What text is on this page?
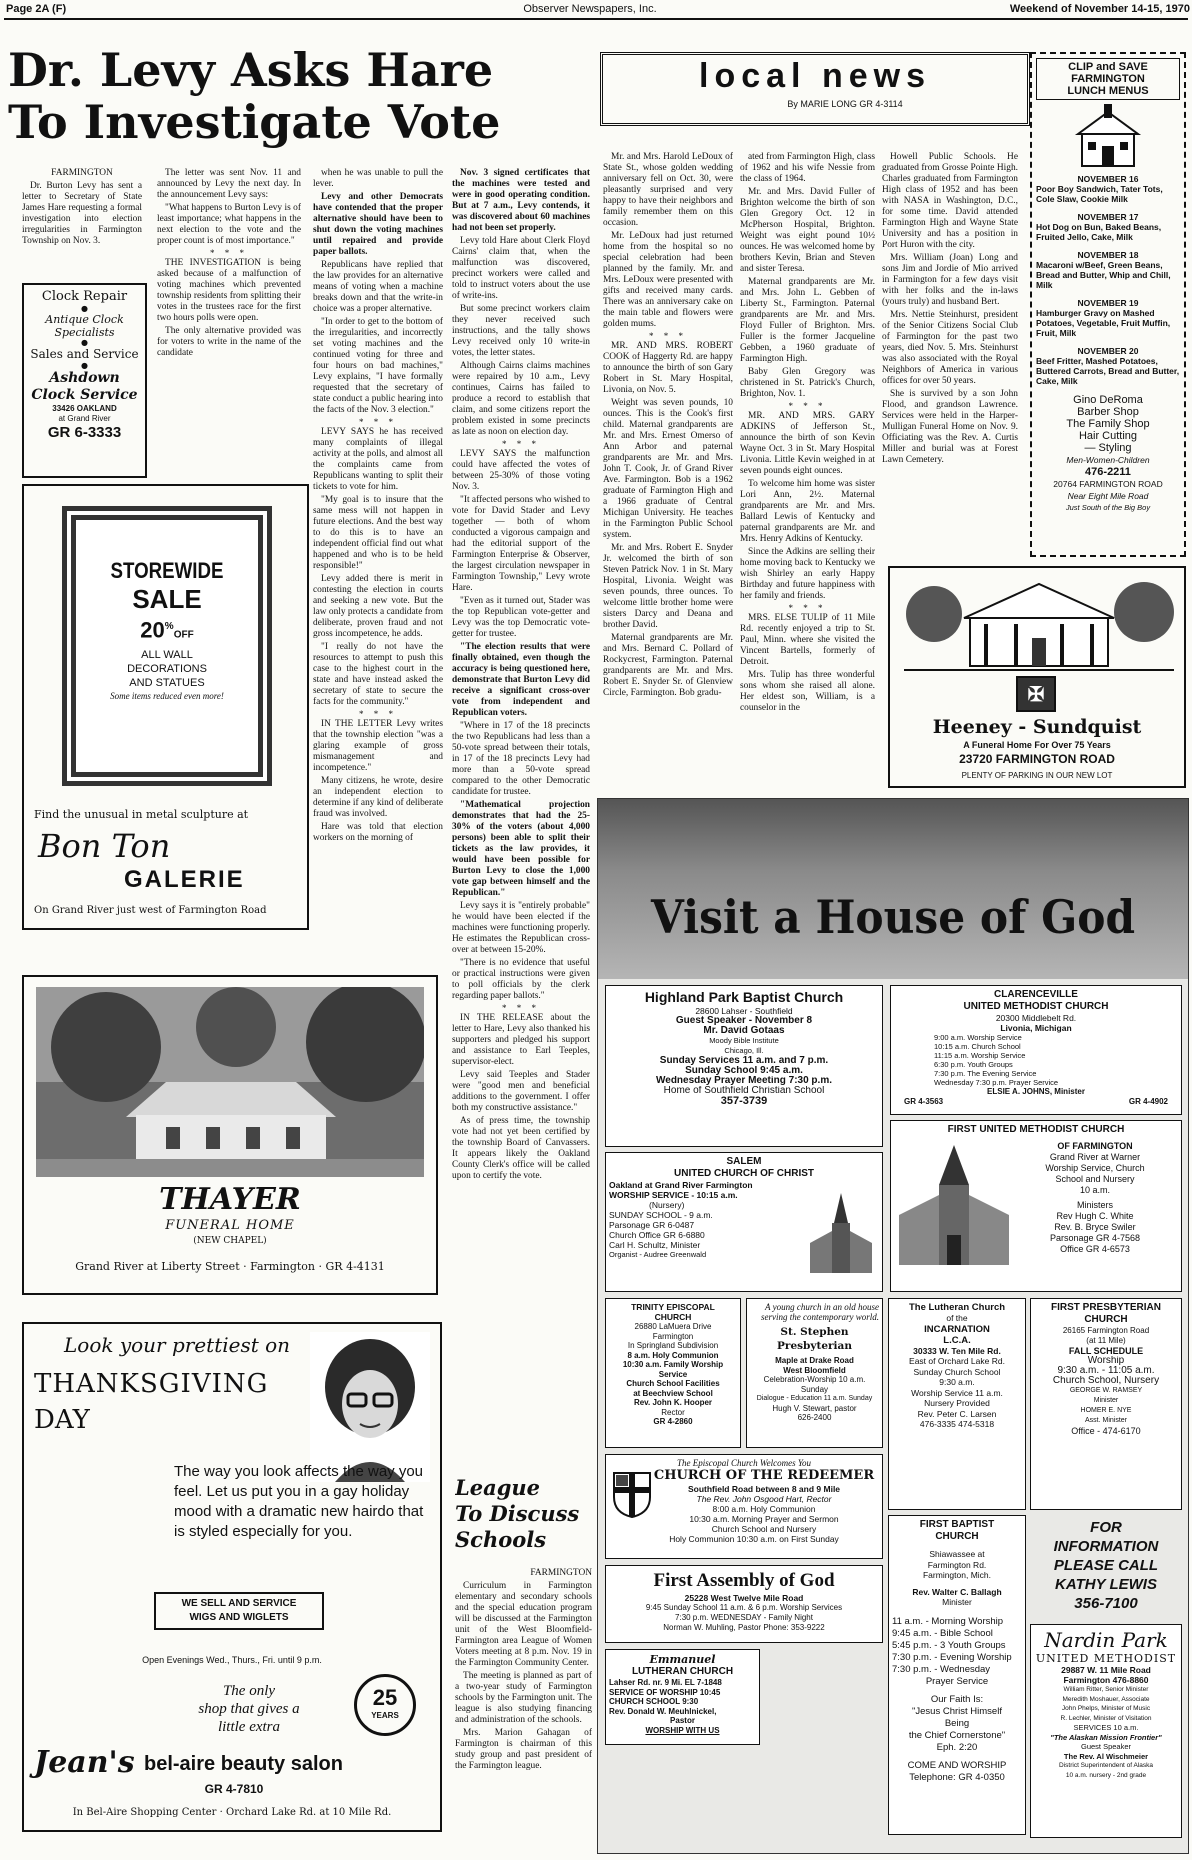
Page 2A (F)	Observer Newspapers, Inc.	Weekend of November 14-15, 1970
Dr. Levy Asks Hare
To Investigate Vote

FARMINGTON

Dr. Burton Levy has sent a letter to Secretary of State James Hare requesting a formal investigation into election irregularities in Farmington Township on Nov. 3.

The letter was sent Nov. 11 and announced by Levy the next day. In the announcement Levy says:

"What happens to Burton Levy is of least importance; what happens in the next election to the vote and the proper count is of most importance."

* * *

THE INVESTIGATION is being asked because of a malfunction of voting machines which prevented township residents from splitting their votes in the trustees race for the first two hours polls were open.

The only alternative provided was for voters to write in the name of the candidate

when he was unable to pull the lever.

Levy and other Democrats have contended that the proper alternative should have been to shut down the voting machines until repaired and provide paper ballots.

Republicans have replied that the law provides for an alternative means of voting when a machine breaks down and that the write-in choice was a proper alternative.

"In order to get to the bottom of the irregularities, and incorrectly set voting machines and the continued voting for three and four hours on bad machines," Levy explains, "I have formally requested that the secretary of state conduct a public hearing into the facts of the Nov. 3 election."

* * *

LEVY SAYS he has received many complaints of illegal activity at the polls, and almost all the complaints came from Republicans wanting to split their tickets to vote for him.

"My goal is to insure that the same mess will not happen in future elections. And the best way to do this is to have an independent official find out what happened and who is to be held responsible!"

Levy added there is merit in contesting the election in courts and seeking a new vote. But the law only protects a candidate from deliberate, proven fraud and not gross incompetence, he adds.

"I really do not have the resources to attempt to push this case to the highest court in the state and have instead asked the secretary of state to secure the facts for the community."

* * *

IN THE LETTER Levy writes that the township election "was a glaring example of gross mismanagement and incompetence."

Many citizens, he wrote, desire an independent election to determine if any kind of deliberate fraud was involved.

Hare was told that election workers on the morning of

Nov. 3 signed certificates that the machines were tested and were in good operating condition. But at 7 a.m., Levy contends, it was discovered about 60 machines had not been set properly.

Levy told Hare about Clerk Floyd Cairns' claim that, when the malfunction was discovered, precinct workers were called and told to instruct voters about the use of write-ins.

But some precinct workers claim they never received such instructions, and the tally shows Levy received only 10 write-in votes, the letter states.

Although Cairns claims machines were repaired by 10 a.m., Levy continues, Cairns has failed to produce a record to establish that claim, and some citizens report the problem existed in some precincts as late as noon on election day.

* * *

LEVY SAYS the malfunction could have affected the votes of between 25-30% of those voting Nov. 3.

"It affected persons who wished to vote for David Stader and Levy together — both of whom conducted a vigorous campaign and had the editorial support of the Farmington Enterprise & Observer, the largest circulation newspaper in Farmington Township," Levy wrote Hare.

"Even as it turned out, Stader was the top Republican vote-getter and Levy was the top Democratic vote-getter for trustee.

"The election results that were finally obtained, even though the accuracy is being questioned here, demonstrate that Burton Levy did receive a significant cross-over vote from independent and Republican voters.

"Where in 17 of the 18 precincts the two Republicans had less than a 50-vote spread between their totals, in 17 of the 18 precincts Levy had more than a 50-vote spread compared to the other Democratic candidate for trustee.

"Mathematical projection demonstrates that had the 25-30% of the voters (about 4,000 persons) been able to split their tickets as the law provides, it would have been possible for Burton Levy to close the 1,000 vote gap between himself and the Republican."

Levy says it is "entirely probable" he would have been elected if the machines were functioning properly. He estimates the Republican cross-over at between 15-20%.

"There is no evidence that useful or practical instructions were given to poll officials by the clerk regarding paper ballots."

* * *

IN THE RELEASE about the letter to Hare, Levy also thanked his supporters and pledged his support and assistance to Earl Teeples, supervisor-elect.

Levy said Teeples and Stader were "good men and beneficial additions to the government. I offer both my constructive assistance."

As of press time, the township vote had not yet been certified by the township Board of Canvassers. It appears likely the Oakland County Clerk's office will be called upon to certify the vote.

League
To Discuss
Schools

FARMINGTON

Curriculum in Farmington elementary and secondary schools and the special education program will be discussed at the Farmington unit of the West Bloomfield-Farmington area League of Women Voters meeting at 8 p.m. Nov. 19 in the Farmington Community Center.

The meeting is planned as part of a two-year study of Farmington schools by the Farmington unit. The league is also studying financing and administration of the schools.

Mrs. Marion Gahagan of Farmington is chairman of this study group and past president of the Farmington league.

Clock Repair
●
Antique Clock
Specialists
●
Sales and Service
●
Ashdown
Clock Service
33426 OAKLAND
at Grand River
GR 6-3333
STOREWIDE
SALE
20%OFF
ALL WALL
DECORATIONS
AND STATUES
Some items reduced even more!
Find the unusual in metal sculpture at
Bon Ton
GALERIE
On Grand River just west of Farmington Road
THAYER
FUNERAL HOME
(NEW CHAPEL)
Grand River at Liberty Street · Farmington · GR 4-4131
Look your prettiest on
THANKSGIVING
DAY
The way you look affects the way you feel. Let us put you in a gay holiday mood with a dramatic new hairdo that is styled especially for you.
WE SELL AND SERVICE
WIGS AND WIGLETS
Open Evenings Wed., Thurs., Fri. until 9 p.m.
The only
shop that gives a
little extra
25
YEARS
Jean's bel-aire beauty salon
GR 4-7810
In Bel-Aire Shopping Center · Orchard Lake Rd. at 10 Mile Rd.
local news
By MARIE LONG GR 4-3114

Mr. and Mrs. Harold LeDoux of State St., whose golden wedding anniversary fell on Oct. 30, were pleasantly surprised and very happy to have their neighbors and family remember them on this occasion.

Mr. LeDoux had just returned home from the hospital so no special celebration had been planned by the family. Mr. and Mrs. LeDoux were presented with gifts and received many cards. There was an anniversary cake on the main table and flowers were golden mums.

* * *

MR. AND MRS. ROBERT COOK of Haggerty Rd. are happy to announce the birth of son Gary Robert in St. Mary Hospital, Livonia, on Nov. 5.

Weight was seven pounds, 10 ounces. This is the Cook's first child. Maternal grandparents are Mr. and Mrs. Ernest Omerso of Ann Arbor and paternal grandparents are Mr. and Mrs. John T. Cook, Jr. of Grand River Ave. Farmington. Bob is a 1962 graduate of Farmington High and a 1966 graduate of Central Michigan University. He teaches in the Farmington Public School system.

Mr. and Mrs. Robert E. Snyder Jr. welcomed the birth of son Steven Patrick Nov. 1 in St. Mary Hospital, Livonia. Weight was seven pounds, three ounces. To welcome little brother home were sisters Darcy and Deana and brother David.

Maternal grandparents are Mr. and Mrs. Bernard C. Pollard of Rockycrest, Farmington. Paternal grandparents are Mr. and Mrs. Robert E. Snyder Sr. of Glenview Circle, Farmington. Bob gradu-

ated from Farmington High, class of 1962 and his wife Nessie from the class of 1964.

Mr. and Mrs. David Fuller of Brighton welcome the birth of son Glen Gregory Oct. 12 in McPherson Hospital, Brighton. Weight was eight pound 10½ ounces. He was welcomed home by brothers Kevin, Brian and Steven and sister Teresa.

Maternal grandparents are Mr. and Mrs. John L. Gebben of Liberty St., Farmington. Paternal grandparents are Mr. and Mrs. Floyd Fuller of Brighton. Mrs. Fuller is the former Jacqueline Gebben, a 1960 graduate of Farmington High.

Baby Glen Gregory was christened in St. Patrick's Church, Brighton, Nov. 1.

* * *

MR. AND MRS. GARY ADKINS of Jefferson St., announce the birth of son Kevin Wayne Oct. 3 in St. Mary Hospital Livonia. Little Kevin weighed in at seven pounds eight ounces.

To welcome him home was sister Lori Ann, 2½. Maternal grandparents are Mr. and Mrs. Ballard Lewis of Kentucky and paternal grandparents are Mr. and Mrs. Henry Adkins of Kentucky.

Since the Adkins are selling their home moving back to Kentucky we wish Shirley an early Happy Birthday and future happiness with her family and friends.

* * *

MRS. ELSE TULIP of 11 Mile Rd. recently enjoyed a trip to St. Paul, Minn. where she visited the Vincent Bartells, formerly of Detroit.

Mrs. Tulip has three wonderful sons whom she raised all alone. Her eldest son, William, is a counselor in the

Howell Public Schools. He graduated from Grosse Pointe High. Charles graduated from Farmington High class of 1952 and has been with NASA in Washington, D.C., for some time. David attended Farmington High and Wayne State University and has a position in Port Huron with the city.

Mrs. William (Joan) Long and sons Jim and Jordie of Mio arrived in Farmington for a few days visit with her folks and the in-laws (yours truly) and husband Bert.

Mrs. Nettie Steinhurst, president of the Senior Citizens Social Club of Farmington for the past two years, died Nov. 5. Mrs. Steinhurst was also associated with the Royal Neighbors of America in various offices for over 50 years.

She is survived by a son John Flood, and grandson Lawrence. Services were held in the Harper-Mulligan Funeral Home on Nov. 9. Officiating was the Rev. A. Curtis Miller and burial was at Forest Lawn Cemetery.

CLIP and SAVE
FARMINGTON
LUNCH MENUS
NOVEMBER 16
Poor Boy Sandwich, Tater Tots, Cole Slaw, Cookie Milk
NOVEMBER 17
Hot Dog on Bun, Baked Beans, Fruited Jello, Cake, Milk
NOVEMBER 18
Macaroni w/Beef, Green Beans, Bread and Butter, Whip and Chill, Milk
NOVEMBER 19
Hamburger Gravy on Mashed Potatoes, Vegetable, Fruit Muffin, Fruit, Milk
NOVEMBER 20
Beef Fritter, Mashed Potatoes, Buttered Carrots, Bread and Butter, Cake, Milk
Gino DeRoma
Barber Shop
The Family Shop
Hair Cutting
— Styling
Men-Women-Children
476-2211
20764 FARMINGTON ROAD
Near Eight Mile Road
Just South of the Big Boy
✠
Heeney - Sundquist
A Funeral Home For Over 75 Years
23720 FARMINGTON ROAD
PLENTY OF PARKING IN OUR NEW LOT
Visit a House of God
Highland Park Baptist Church
28600 Lahser - Southfield
Guest Speaker - November 8
Mr. David Gotaas
Moody Bible Institute
Chicago, Ill.
Sunday Services 11 a.m. and 7 p.m.
Sunday School 9:45 a.m.
Wednesday Prayer Meeting 7:30 p.m.
Home of Southfield Christian School
357-3739
CLARENCEVILLE
UNITED METHODIST CHURCH
20300 Middlebelt Rd.
Livonia, Michigan
9:00 a.m. Worship Service
10:15 a.m. Church School
11:15 a.m. Worship Service
6:30 p.m. Youth Groups
7:30 p.m. The Evening Service
Wednesday 7:30 p.m. Prayer Service
ELSIE A. JOHNS, Minister
GR 4-3563	GR 4-4902
SALEM
UNITED CHURCH OF CHRIST
Oakland at Grand River Farmington
WORSHIP SERVICE - 10:15 a.m.
(Nursery)
SUNDAY SCHOOL - 9 a.m.
Parsonage GR 6-0487
Church Office GR 6-6880
Carl H. Schultz, Minister
Organist - Audree Greenwald
FIRST UNITED METHODIST CHURCH
OF FARMINGTON
Grand River at Warner
Worship Service, Church
School and Nursery
10 a.m.
Ministers
Rev Hugh C. White
Rev. B. Bryce Swiler
Parsonage GR 4-7568
Office GR 4-6573
TRINITY EPISCOPAL
CHURCH
26880 LaMuera Drive
Farmington
In Springland Subdivision
8 a.m. Holy Communion
10:30 a.m. Family Worship
Service
Church School Facilities
at Beechview School
Rev. John K. Hooper
Rector
GR 4-2860
A young church in an old house serving the contemporary world.
St. Stephen Presbyterian
Maple at Drake Road
West Bloomfield
Celebration-Worship 10 a.m.
Sunday
Dialogue - Education 11 a.m. Sunday
Hugh V. Stewart, pastor
626-2400
The Lutheran Church
of the
INCARNATION
L.C.A.
30333 W. Ten Mile Rd.
East of Orchard Lake Rd.
Sunday Church School
9:30 a.m.
Worship Service 11 a.m.
Nursery Provided
Rev. Peter C. Larsen
476-3335 474-5318
FIRST PRESBYTERIAN
CHURCH
26165 Farmington Road
(at 11 Mile)
FALL SCHEDULE
Worship
9:30 a.m. - 11:05 a.m.
Church School, Nursery
GEORGE W. RAMSEY
Minister
HOMER E. NYE
Asst. Minister
Office - 474-6170
The Episcopal Church Welcomes You
CHURCH OF THE REDEEMER
Southfield Road between 8 and 9 Mile
The Rev. John Osgood Hart, Rector
8:00 a.m. Holy Communion
10:30 a.m. Morning Prayer and Sermon
Church School and Nursery
Holy Communion 10:30 a.m. on First Sunday
First Assembly of God
25228 West Twelve Mile Road
9:45 Sunday School 11 a.m. & 6 p.m. Worship Services
7:30 p.m. WEDNESDAY - Family Night
Norman W. Muhling, Pastor Phone: 353-9222
Emmanuel
LUTHERAN CHURCH
Lahser Rd. nr. 9 Mi. EL 7-1848
SERVICE OF WORSHIP 10:45
CHURCH SCHOOL 9:30
Rev. Donald W. Meuhlnickel,
Pastor
WORSHIP WITH US
FIRST BAPTIST
CHURCH
Shiawassee at
Farmington Rd.
Farmington, Mich.
Rev. Walter C. Ballagh
Minister
11 a.m. - Morning Worship
9:45 a.m. - Bible School
5:45 p.m. - 3 Youth Groups
7:30 p.m. - Evening Worship
7:30 p.m. - Wednesday
Prayer Service
Our Faith Is:
"Jesus Christ Himself
Being
the Chief Cornerstone"
Eph. 2:20
COME AND WORSHIP
Telephone: GR 4-0350
FOR
INFORMATION
PLEASE CALL
KATHY LEWIS
356-7100
Nardin Park
UNITED METHODIST
29887 W. 11 Mile Road
Farmington 476-8860
William Ritter, Senior Minister
Meredith Moshauer, Associate
John Phelps, Minister of Music
R. Lechler, Minister of Visitation
SERVICES 10 a.m.
"The Alaskan Mission Frontier"
Guest Speaker
The Rev. Al Wischmeier
District Superintendent of Alaska
10 a.m. nursery - 2nd grade
